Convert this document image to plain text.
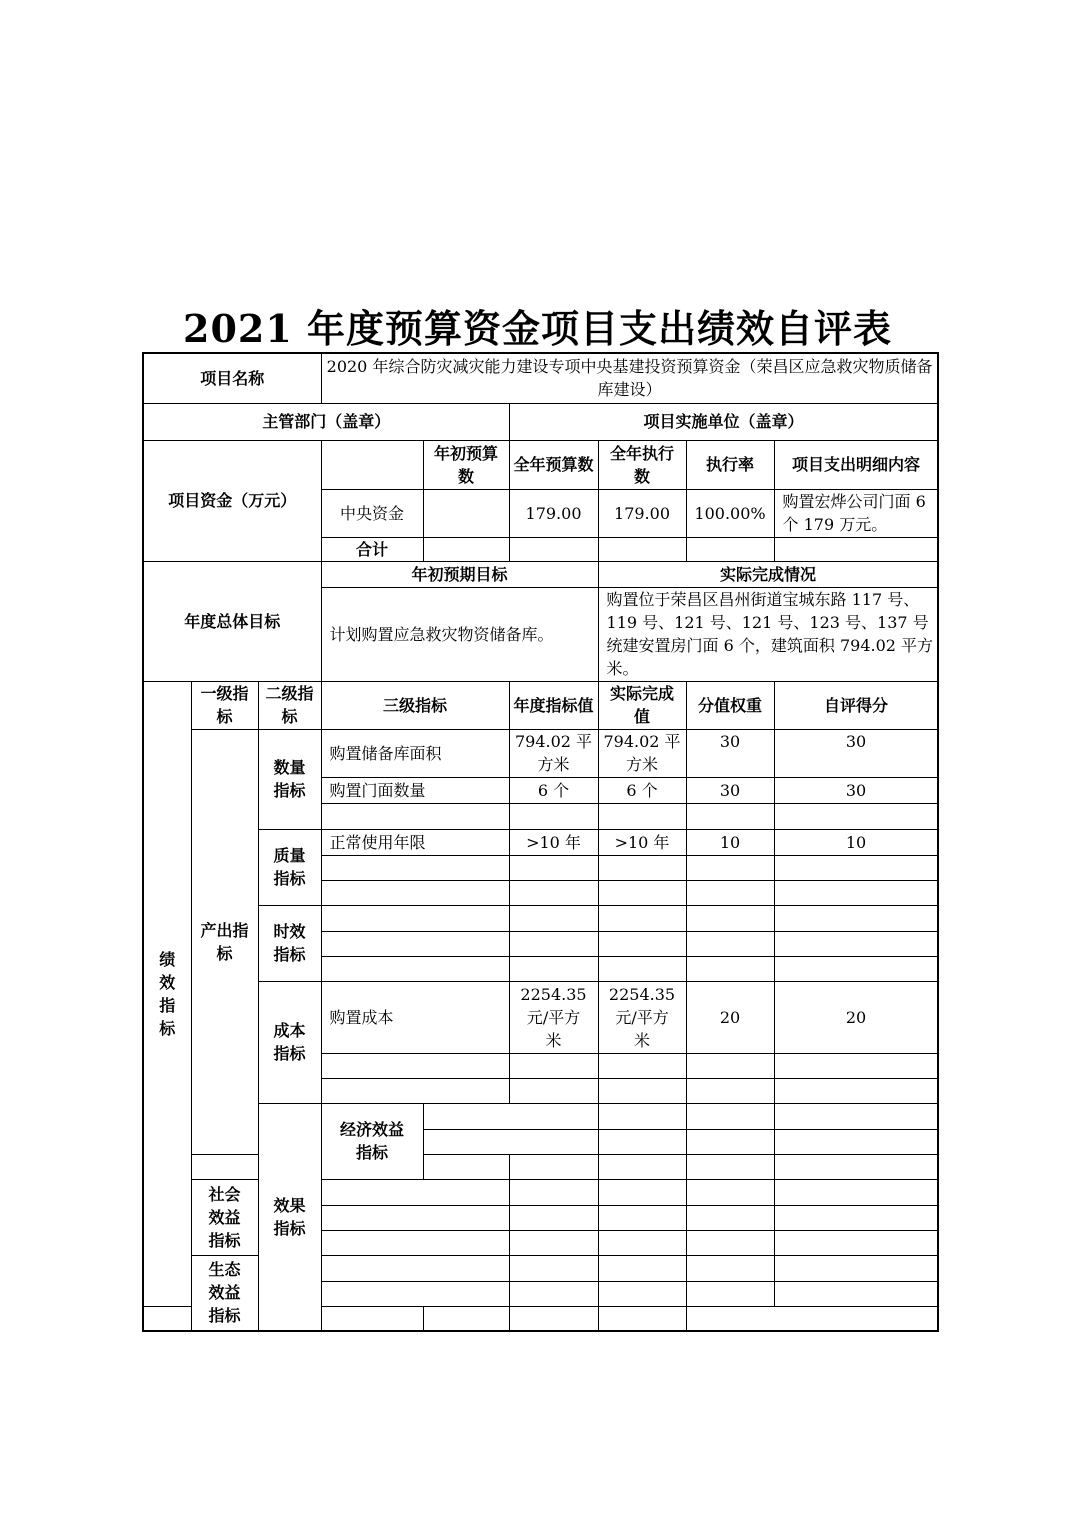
2021 年度预算资金项目支出绩效自评表
项目名称			2020 年综合防灾减灾能力建设专项中央基建投资预算资金（荣昌区应急救灾物质储备库建设）						
主管部门（盖章）					项目实施单位（盖章）				
项目资金（万元）				年初预算数	全年预算数	全年执行数	执行率	项目支出明细内容	
			中央资金		179.00	179.00	100.00%	购置宏烨公司门面 6 个 179 万元。	
			合计						
年度总体目标			年初预期目标			实际完成情况			
			计划购置应急救灾物资储备库。			购置位于荣昌区昌州街道宝城东路 117 号、119 号、121 号、121 号、123 号、137 号统建安置房门面 6 个，建筑面积 794.02 平方米。			
绩效指标	一级指标	二级指标	三级指标		年度指标值	实际完成值	分值权重	自评得分	
	产出指标	数量指标	购置储备库面积		794.02 平方米	794.02 平方米	30	30	
			购置门面数量		6 个	6 个	30	30	

		质量指标	正常使用年限		>10 年	>10 年	10	10	

		时效指标							

		成本指标	购置成本		2254.35 元/平方米	2254.35 元/平方米	20	20	

		效果指标	经济效益指标						

	社会效益指标								

	生态效益指标								
